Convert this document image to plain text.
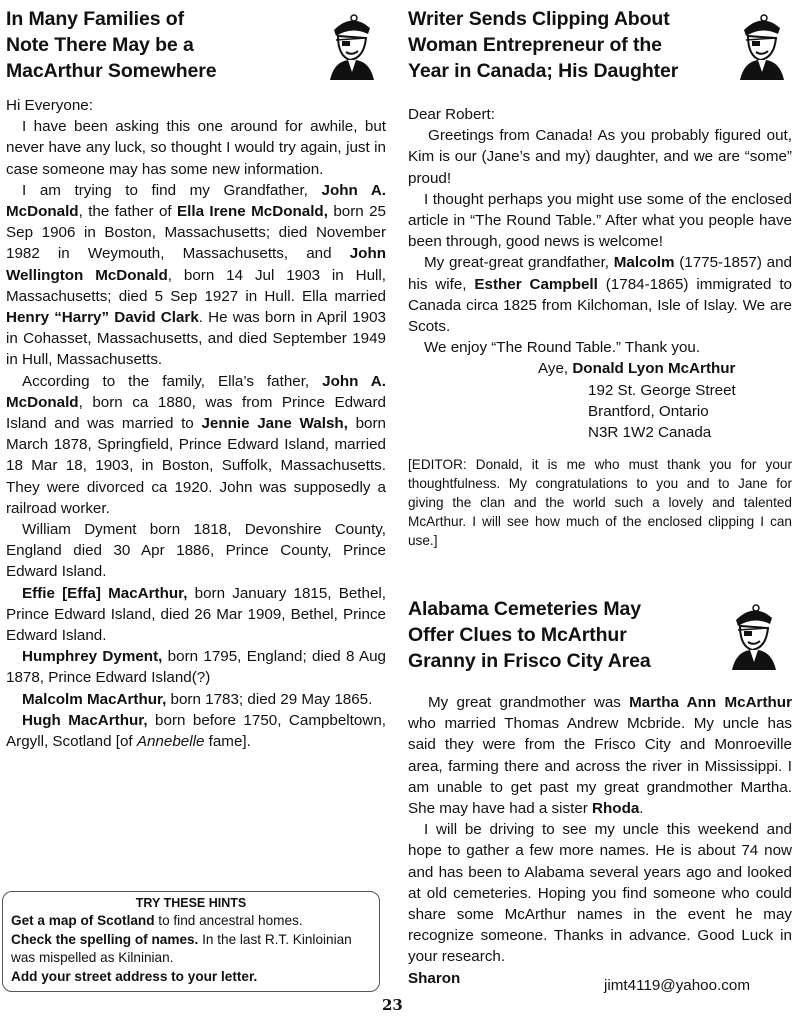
In Many Families of
Note There May be a
MacArthur Somewhere

Hi Everyone:

I have been asking this one around for awhile, but never have any luck, so thought I would try again, just in case someone may has some new information.

I am trying to find my Grandfather, John A. McDonald, the father of Ella Irene McDonald, born 25 Sep 1906 in Boston, Massachusetts; died November 1982 in Weymouth, Massachusetts, and John Wellington McDonald, born 14 Jul 1903 in Hull, Massachusetts; died 5 Sep 1927 in Hull. Ella married Henry “Harry” David Clark. He was born in April 1903 in Cohasset, Massachusetts, and died September 1949 in Hull, Massachusetts.

According to the family, Ella’s father, John A. McDonald, born ca 1880, was from Prince Edward Island and was married to Jennie Jane Walsh, born March 1878, Springfield, Prince Edward Island, married 18 Mar 18, 1903, in Boston, Suffolk, Massachusetts. They were divorced ca 1920. John was supposedly a railroad worker.

William Dyment born 1818, Devonshire County, England died 30 Apr 1886, Prince County, Prince Edward Island.

Effie [Effa] MacArthur, born January 1815, Bethel, Prince Edward Island, died 26 Mar 1909, Bethel, Prince Edward Island.

Humphrey Dyment, born 1795, England; died 8 Aug 1878, Prince Edward Island(?)

Malcolm MacArthur, born 1783; died 29 May 1865.

Hugh MacArthur, born before 1750, Campbeltown, Argyll, Scotland [of Annebelle fame].

TRY THESE HINTS
Get a map of Scotland to find ancestral homes.
Check the spelling of names. In the last R.T. Kinloinian was mispelled as Kilninian.
Add your street address to your letter.
Writer Sends Clipping About
Woman Entrepreneur of the
Year in Canada; His Daughter

Dear Robert:

Greetings from Canada! As you probably figured out, Kim is our (Jane’s and my) daughter, and we are “some” proud!

I thought perhaps you might use some of the enclosed article in “The Round Table.” After what you people have been through, good news is welcome!

My great-great grandfather, Malcolm (1775-1857) and his wife, Esther Campbell (1784-1865) immigrated to Canada circa 1825 from Kilchoman, Isle of Islay. We are Scots.

We enjoy “The Round Table.” Thank you.

Aye, Donald Lyon McArthur

192 St. George Street

Brantford, Ontario

N3R 1W2 Canada

[EDITOR: Donald, it is me who must thank you for your thoughtfulness. My congratulations to you and to Jane for giving the clan and the world such a lovely and talented McArthur. I will see how much of the enclosed clipping I can use.]

Alabama Cemeteries May
Offer Clues to McArthur
Granny in Frisco City Area

My great grandmother was Martha Ann McArthur who married Thomas Andrew Mcbride. My uncle has said they were from the Frisco City and Monroeville area, farming there and across the river in Mississippi. I am unable to get past my great grandmother Martha. She may have had a sister Rhoda.

I will be driving to see my uncle this weekend and hope to gather a few more names. He is about 74 now and has been to Alabama several years ago and looked at old cemeteries. Hoping you find someone who could share some McArthur names in the event he may recognize someone. Thanks in advance. Good Luck in your research.

Sharon	jimt4119@yahoo.com
23
